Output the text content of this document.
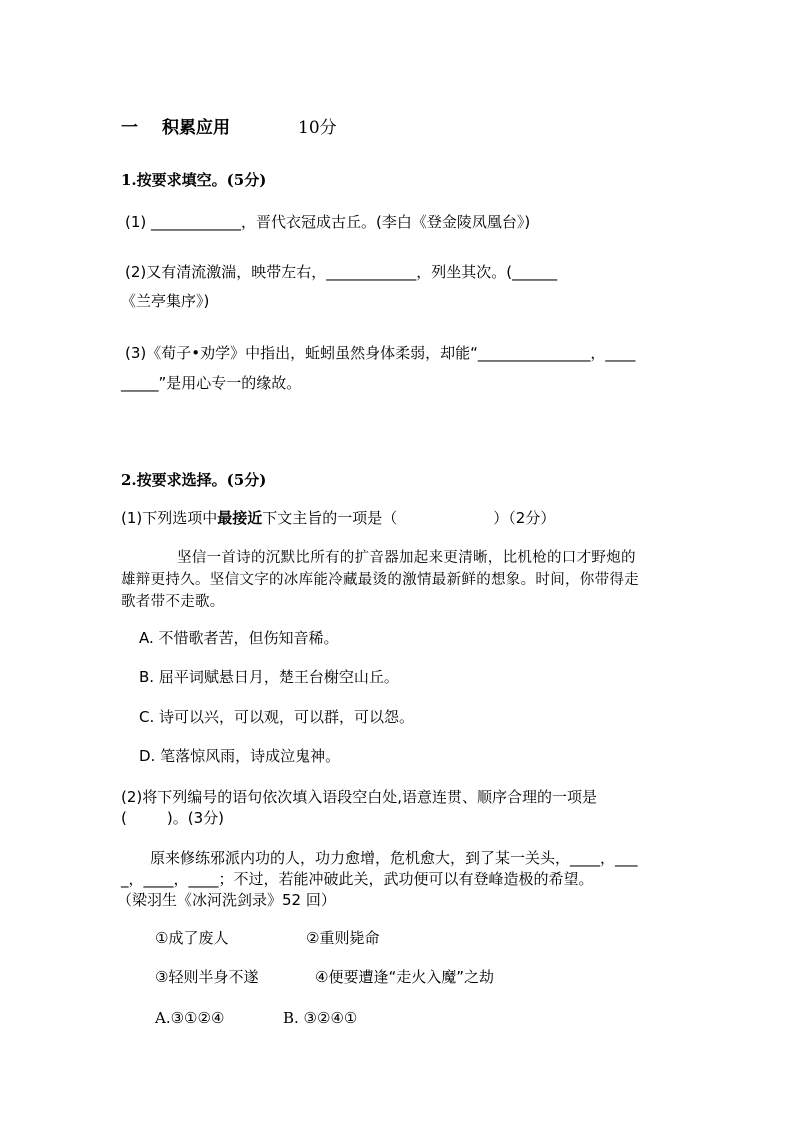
一 积累应用	10分
1.按要求填空。(5分)
(1) ____________，晋代衣冠成古丘。(李白《登金陵凤凰台》)
(2)又有清流激湍，映带左右，____________，列坐其次。(______
《兰亭集序》)
(3)《荀子•劝学》中指出，蚯蚓虽然身体柔弱，却能“_______________，____
_____”是用心专一的缘故。
2.按要求选择。(5分)
(1)下列选项中最接近下文主旨的一项是（	）（2分）
坚信一首诗的沉默比所有的扩音器加起来更清晰，比机枪的口才野炮的
雄辩更持久。坚信文字的冰库能冷藏最烫的激情最新鲜的想象。时间，你带得走
歌者带不走歌。
A. 不惜歌者苦，但伤知音稀。
B. 屈平词赋悬日月，楚王台榭空山丘。
C. 诗可以兴，可以观，可以群，可以怨。
D. 笔落惊风雨，诗成泣鬼神。
(2)将下列编号的语句依次填入语段空白处,语意连贯、顺序合理的一项是
(	)。(3分)
原来修练邪派内功的人，功力愈增，危机愈大，到了某一关头，____，___
_，____，____；不过，若能冲破此关，武功便可以有登峰造极的希望。
（梁羽生《冰河洗剑录》52 回）
①成了废人	②重则毙命
③轻则半身不遂	④便要遭逢“走火入魔”之劫
A.③①②④	B. ③②④①
